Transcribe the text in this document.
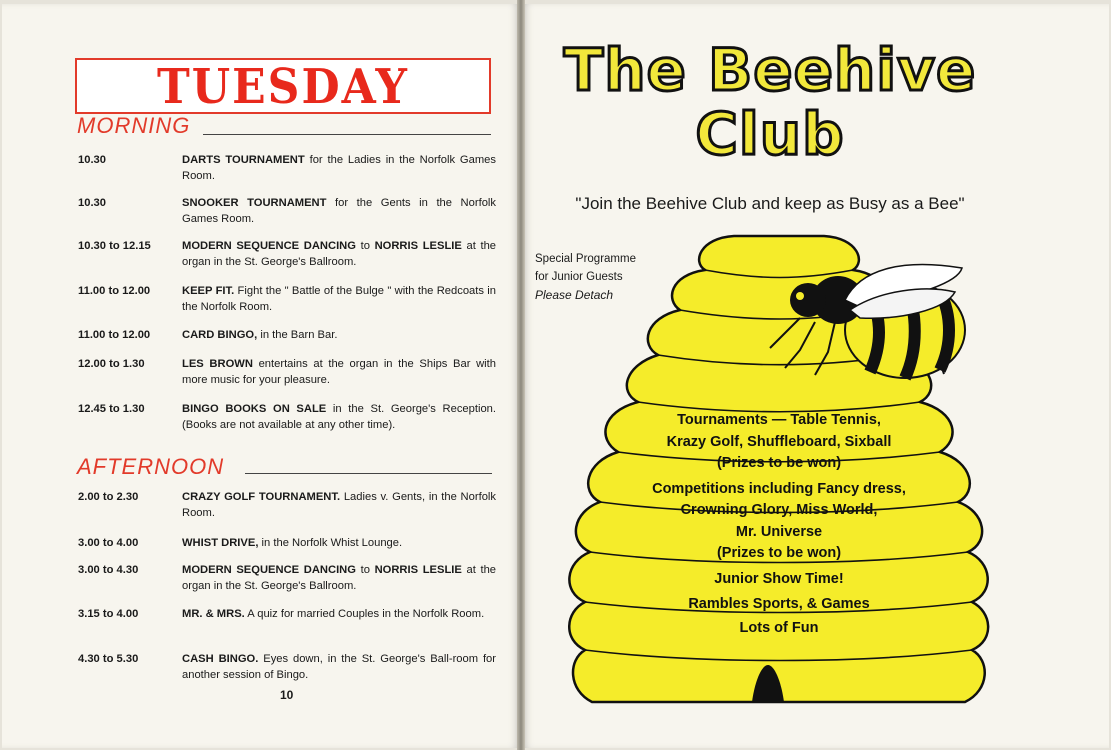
TUESDAY
MORNING
10.30	DARTS TOURNAMENT for the Ladies in the Norfolk Games Room.
10.30	SNOOKER TOURNAMENT for the Gents in the Norfolk Games Room.
10.30 to 12.15	MODERN SEQUENCE DANCING to NORRIS LESLIE at the organ in the St. George's Ballroom.
11.00 to 12.00	KEEP FIT. Fight the " Battle of the Bulge " with the Redcoats in the Norfolk Room.
11.00 to 12.00	CARD BINGO, in the Barn Bar.
12.00 to 1.30	LES BROWN entertains at the organ in the Ships Bar with more music for your pleasure.
12.45 to 1.30	BINGO BOOKS ON SALE in the St. George's Reception. (Books are not available at any other time).
AFTERNOON
2.00 to 2.30	CRAZY GOLF TOURNAMENT. Ladies v. Gents, in the Norfolk Room.
3.00 to 4.00	WHIST DRIVE, in the Norfolk Whist Lounge.
3.00 to 4.30	MODERN SEQUENCE DANCING to NORRIS LESLIE at the organ in the St. George's Ballroom.
3.15 to 4.00	MR. & MRS. A quiz for married Couples in the Norfolk Room.
4.30 to 5.30	CASH BINGO. Eyes down, in the St. George's Ball-room for another session of Bingo.
10
The Beehive
Club
"Join the Beehive Club and keep as Busy as a Bee"
Special Programme
for Junior Guests
Please Detach
Tournaments — Table Tennis,
Krazy Golf, Shuffleboard, Sixball
(Prizes to be won)
Competitions including Fancy dress,
Crowning Glory, Miss World,
Mr. Universe
(Prizes to be won)
Junior Show Time!
Rambles Sports, & Games
Lots of Fun
